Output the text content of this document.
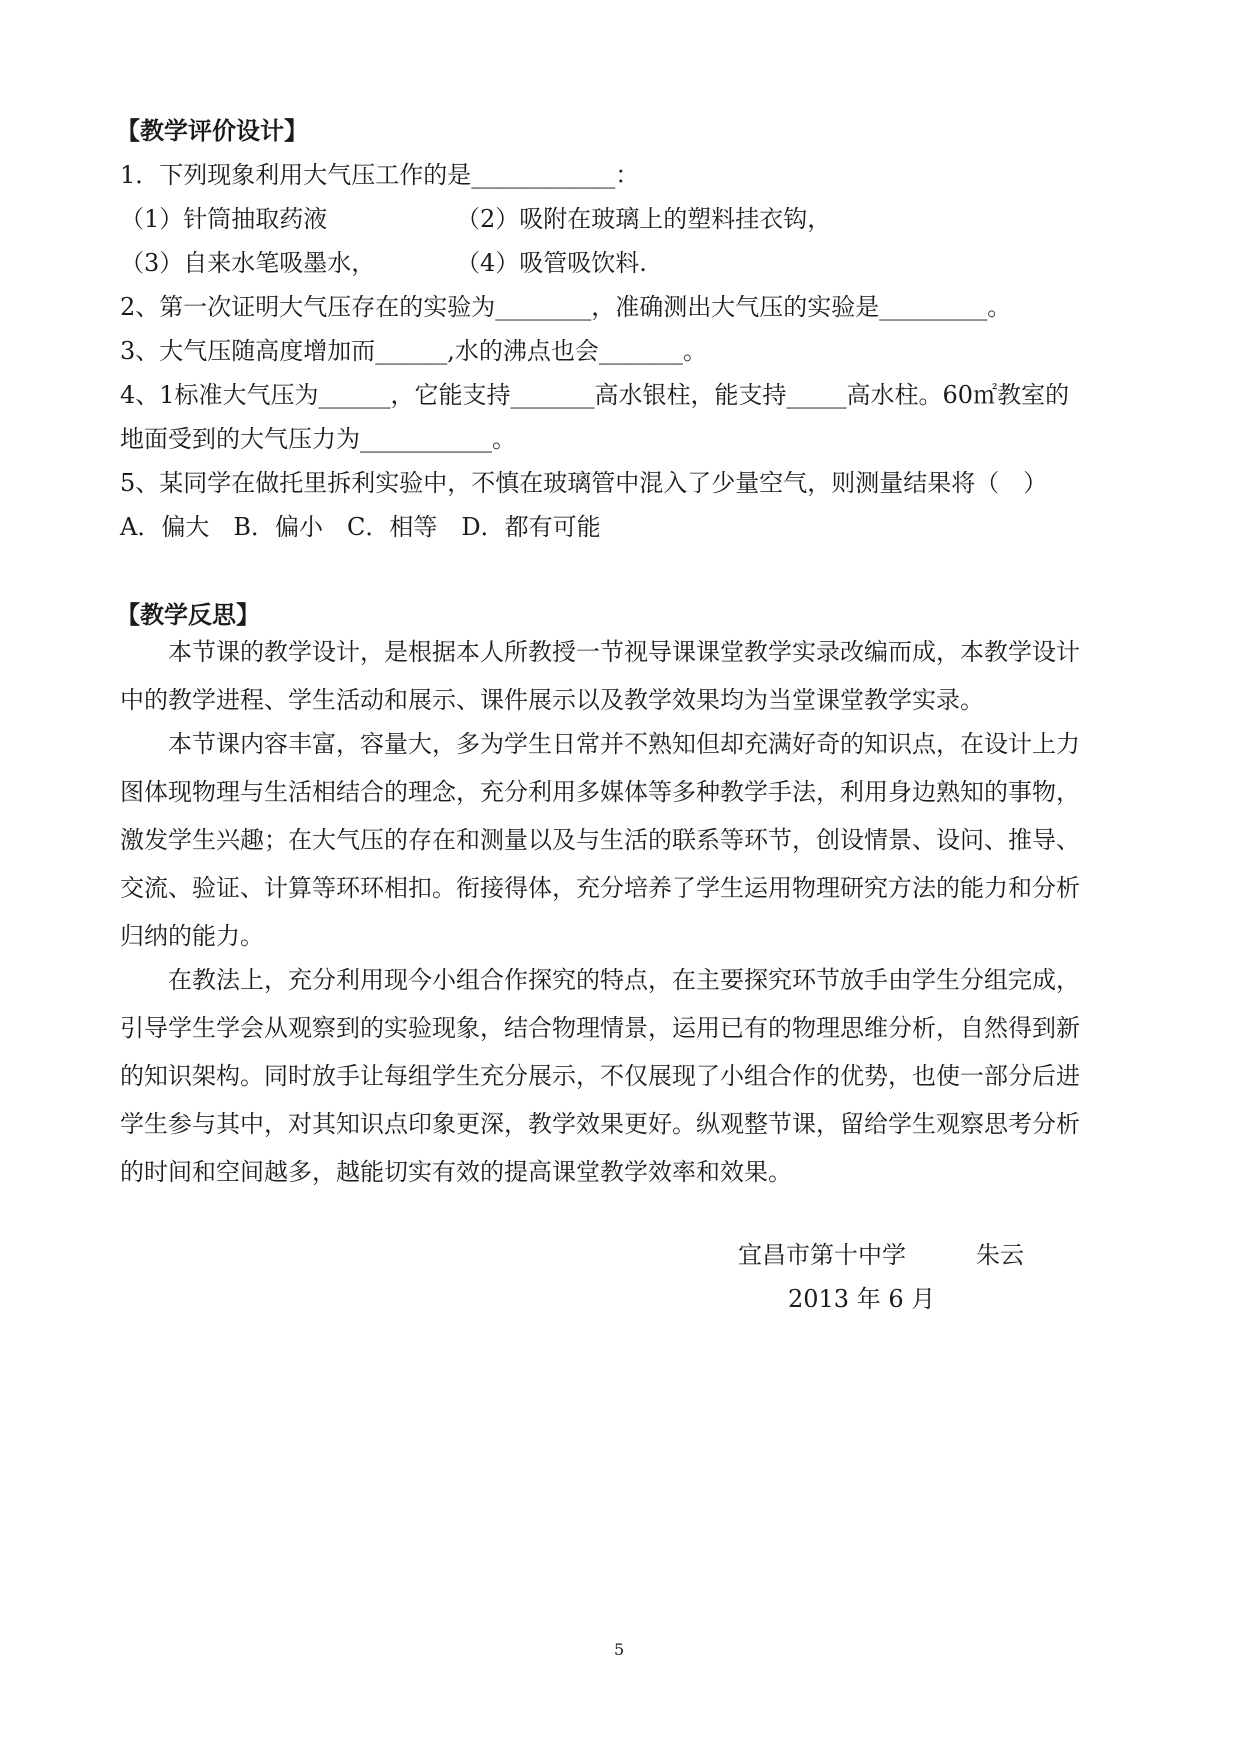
【教学评价设计】
1．下列现象利用大气压工作的是____________：
（1）针筒抽取药液	（2）吸附在玻璃上的塑料挂衣钩，
（3）自来水笔吸墨水，	（4）吸管吸饮料.
2、第一次证明大气压存在的实验为________，准确测出大气压的实验是_________。
3、大气压随高度增加而______,水的沸点也会_______。
4、1标准大气压为______，它能支持_______高水银柱，能支持_____高水柱。60㎡教室的
地面受到的大气压力为___________。
5、某同学在做托里拆利实验中，不慎在玻璃管中混入了少量空气，则测量结果将（　）
A．偏大　B．偏小　C．相等　D．都有可能
【教学反思】
本节课的教学设计，是根据本人所教授一节视导课课堂教学实录改编而成，本教学设计
中的教学进程、学生活动和展示、课件展示以及教学效果均为当堂课堂教学实录。
本节课内容丰富，容量大，多为学生日常并不熟知但却充满好奇的知识点，在设计上力
图体现物理与生活相结合的理念，充分利用多媒体等多种教学手法，利用身边熟知的事物，
激发学生兴趣；在大气压的存在和测量以及与生活的联系等环节，创设情景、设问、推导、
交流、验证、计算等环环相扣。衔接得体，充分培养了学生运用物理研究方法的能力和分析
归纳的能力。
在教法上，充分利用现今小组合作探究的特点，在主要探究环节放手由学生分组完成，
引导学生学会从观察到的实验现象，结合物理情景，运用已有的物理思维分析，自然得到新
的知识架构。同时放手让每组学生充分展示，不仅展现了小组合作的优势，也使一部分后进
学生参与其中，对其知识点印象更深，教学效果更好。纵观整节课，留给学生观察思考分析
的时间和空间越多，越能切实有效的提高课堂教学效率和效果。
宜昌市第十中学	朱云
2013 年 6 月
5
